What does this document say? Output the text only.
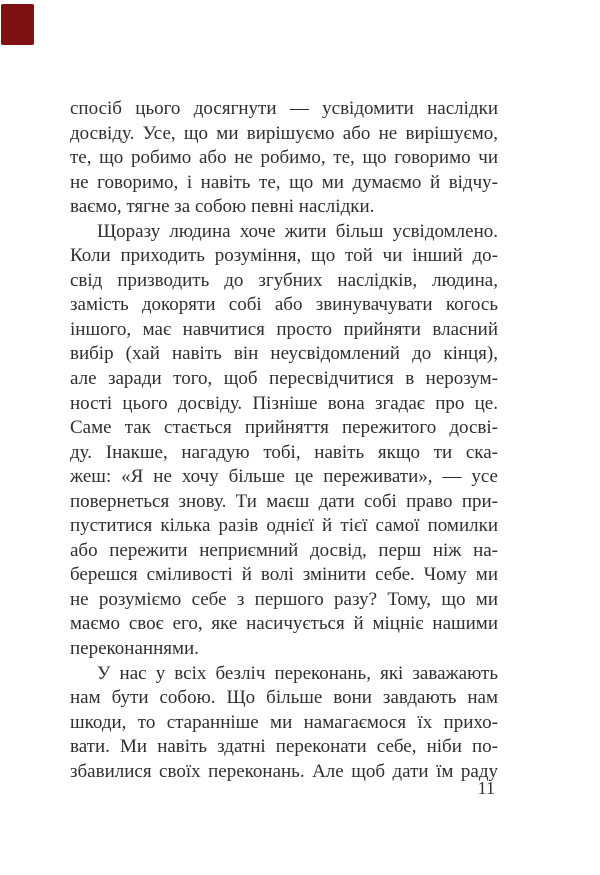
спосіб цього досягнути — усвідомити наслідки
досвіду. Усе, що ми вирішуємо або не вирішуємо,
те, що робимо або не робимо, те, що говоримо чи
не говоримо, і навіть те, що ми думаємо й відчу-
ваємо, тягне за собою певні наслідки.
Щоразу людина хоче жити більш усвідомлено.
Коли приходить розуміння, що той чи інший до-
свід призводить до згубних наслідків, людина,
замість докоряти собі або звинувачувати когось
іншого, має навчитися просто прийняти власний
вибір (хай навіть він неусвідомлений до кінця),
але заради того, щоб пересвідчитися в нерозум-
ності цього досвіду. Пізніше вона згадає про це.
Саме так стається прийняття пережитого досві-
ду. Інакше, нагадую тобі, навіть якщо ти ска-
жеш: «Я не хочу більше це переживати», — усе
повернеться знову. Ти маєш дати собі право при-
пуститися кілька разів однієї й тієї самої помилки
або пережити неприємний досвід, перш ніж на-
берешся сміливості й волі змінити себе. Чому ми
не розуміємо себе з першого разу? Тому, що ми
маємо своє его, яке насичується й міцніє нашими
переконаннями.
У нас у всіх безліч переконань, які заважають
нам бути собою. Що більше вони завдають нам
шкоди, то старанніше ми намагаємося їх прихо-
вати. Ми навіть здатні переконати себе, ніби по-
збавилися своїх переконань. Але щоб дати їм раду
11
